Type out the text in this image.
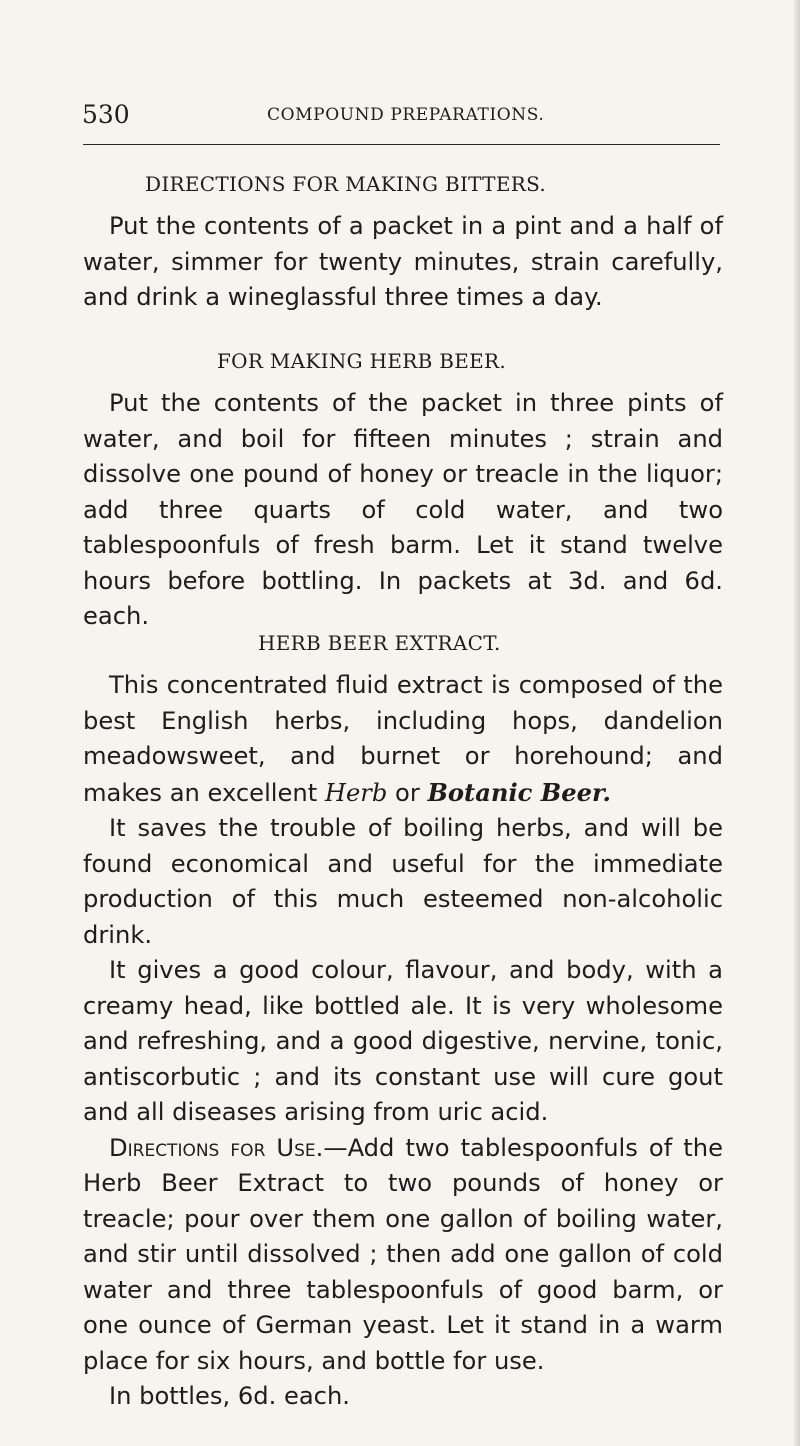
530	COMPOUND PREPARATIONS.
DIRECTIONS FOR MAKING BITTERS.

Put the contents of a packet in a pint and a half of water, simmer for twenty minutes, strain carefully, and drink a wineglassful three times a day.

FOR MAKING HERB BEER.

Put the contents of the packet in three pints of water, and boil for fifteen minutes ; strain and dissolve one pound of honey or treacle in the liquor; add three quarts of cold water, and two tablespoonfuls of fresh barm. Let it stand twelve hours before bottling. In packets at 3d. and 6d. each.

HERB BEER EXTRACT.

This concentrated fluid extract is composed of the best English herbs, including hops, dandelion meadowsweet, and burnet or horehound; and makes an excellent Herb or Botanic Beer.

It saves the trouble of boiling herbs, and will be found economical and useful for the immediate production of this much esteemed non-alcoholic drink.

It gives a good colour, flavour, and body, with a creamy head, like bottled ale. It is very wholesome and refreshing, and a good digestive, nervine, tonic, antiscorbutic ; and its constant use will cure gout and all diseases arising from uric acid.

Directions for Use.—Add two tablespoonfuls of the Herb Beer Extract to two pounds of honey or treacle; pour over them one gallon of boiling water, and stir until dissolved ; then add one gallon of cold water and three tablespoonfuls of good barm, or one ounce of German yeast. Let it stand in a warm place for six hours, and bottle for use.

In bottles, 6d. each.
